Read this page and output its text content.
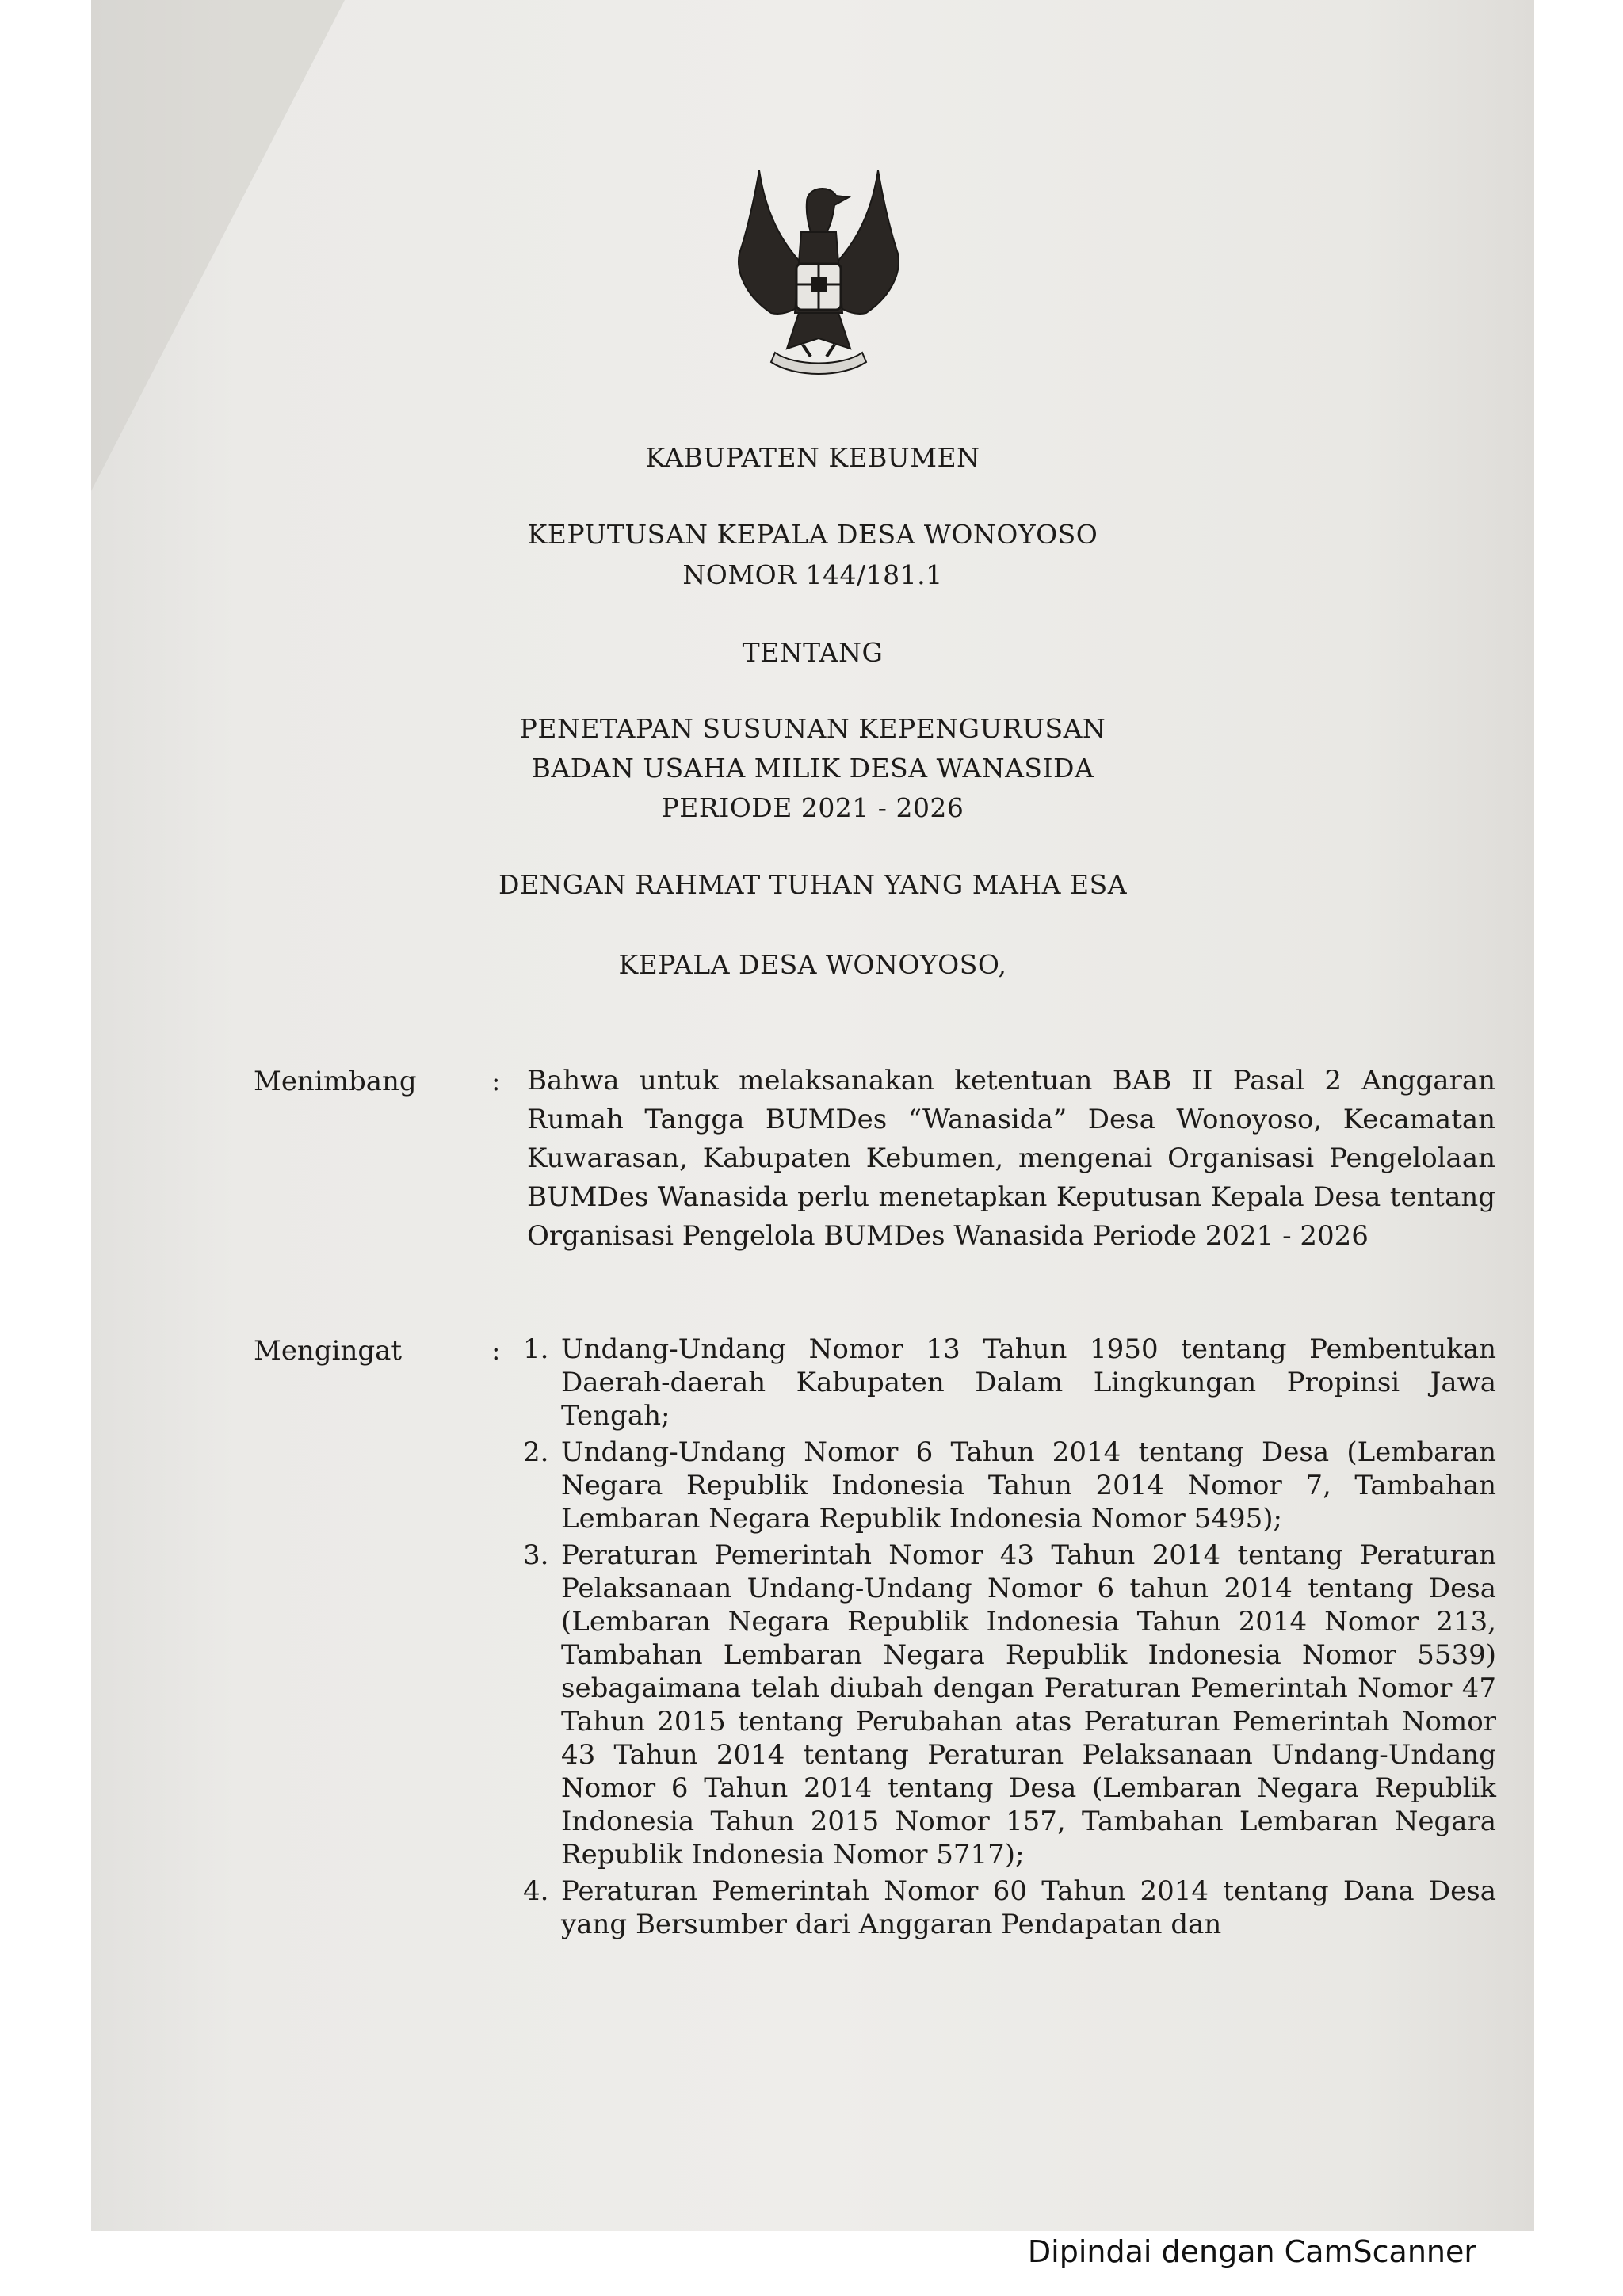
KABUPATEN KEBUMEN
KEPUTUSAN KEPALA DESA WONOYOSO
NOMOR 144/181.1
TENTANG
PENETAPAN SUSUNAN KEPENGURUSAN
BADAN USAHA MILIK DESA WANASIDA
PERIODE 2021 - 2026
DENGAN RAHMAT TUHAN YANG MAHA ESA
KEPALA DESA WONOYOSO,
Menimbang	: Bahwa untuk melaksanakan ketentuan BAB II Pasal 2 Anggaran Rumah Tangga BUMDes “Wanasida” Desa Wonoyoso, Kecamatan Kuwarasan, Kabupaten Kebumen, mengenai Organisasi Pengelolaan BUMDes Wanasida perlu menetapkan Keputusan Kepala Desa tentang Organisasi Pengelola BUMDes Wanasida Periode 2021 - 2026
Mengingat	: 1. Undang-Undang Nomor 13 Tahun 1950 tentang Pembentukan Daerah-daerah Kabupaten Dalam Lingkungan Propinsi Jawa Tengah;
2. Undang-Undang Nomor 6 Tahun 2014 tentang Desa (Lembaran Negara Republik Indonesia Tahun 2014 Nomor 7, Tambahan Lembaran Negara Republik Indonesia Nomor 5495);
3. Peraturan Pemerintah Nomor 43 Tahun 2014 tentang Peraturan Pelaksanaan Undang-Undang Nomor 6 tahun 2014 tentang Desa (Lembaran Negara Republik Indonesia Tahun 2014 Nomor 213, Tambahan Lembaran Negara Republik Indonesia Nomor 5539) sebagaimana telah diubah dengan Peraturan Pemerintah Nomor 47 Tahun 2015 tentang Perubahan atas Peraturan Pemerintah Nomor 43 Tahun 2014 tentang Peraturan Pelaksanaan Undang-Undang Nomor 6 Tahun 2014 tentang Desa (Lembaran Negara Republik Indonesia Tahun 2015 Nomor 157, Tambahan Lembaran Negara Republik Indonesia Nomor 5717);
4. Peraturan Pemerintah Nomor 60 Tahun 2014 tentang Dana Desa yang Bersumber dari Anggaran Pendapatan dan
Dipindai dengan CamScanner
